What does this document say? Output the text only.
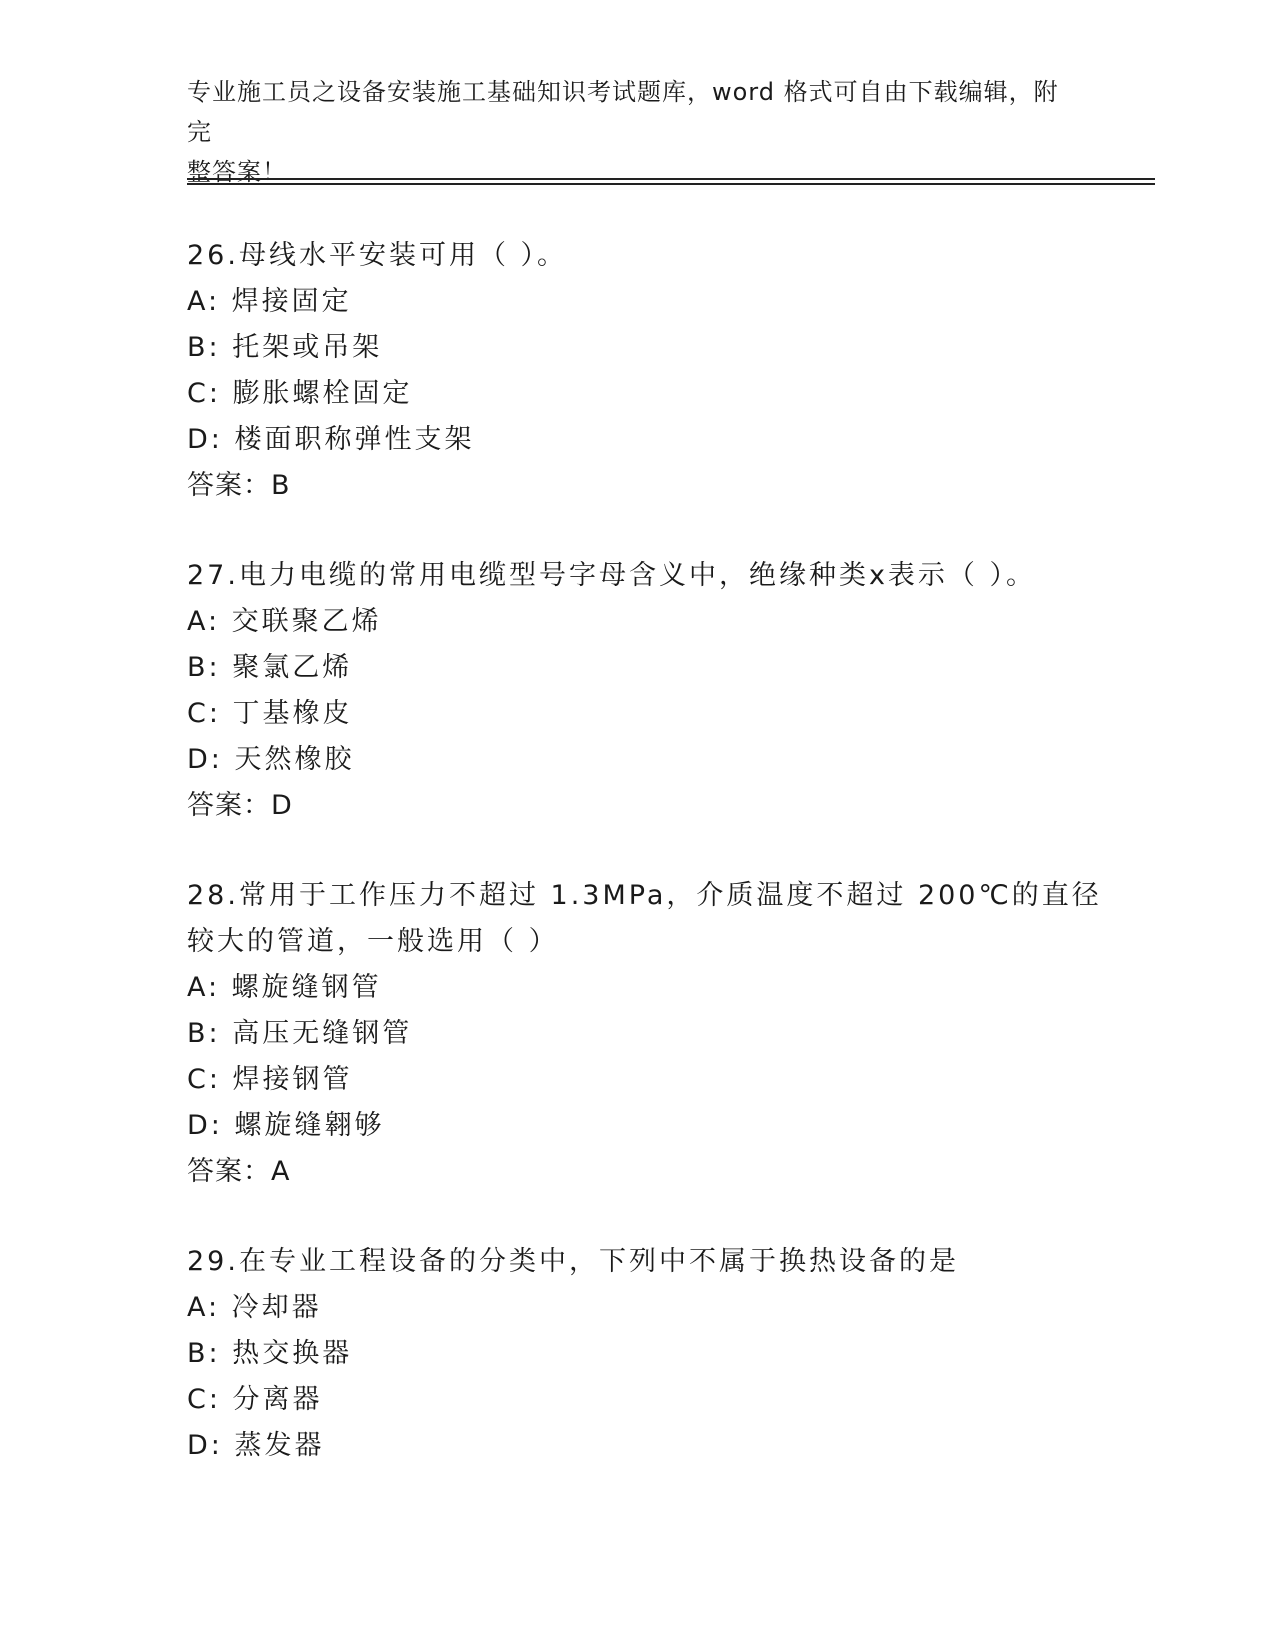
专业施工员之设备安装施工基础知识考试题库，word 格式可自由下载编辑，附完
整答案！

26.母线水平安装可用（ ）。

A: 焊接固定

B: 托架或吊架

C: 膨胀螺栓固定

D: 楼面职称弹性支架

答案：B

27.电力电缆的常用电缆型号字母含义中，绝缘种类x表示（ ）。

A: 交联聚乙烯

B: 聚氯乙烯

C: 丁基橡皮

D: 天然橡胶

答案：D

28.常用于工作压力不超过 1.3MPa，介质温度不超过 200℃的直径较大的管道，一般选用（ ）

A: 螺旋缝钢管

B: 高压无缝钢管

C: 焊接钢管

D: 螺旋缝翱够

答案：A

29.在专业工程设备的分类中，下列中不属于换热设备的是

A: 冷却器

B: 热交换器

C: 分离器

D: 蒸发器
